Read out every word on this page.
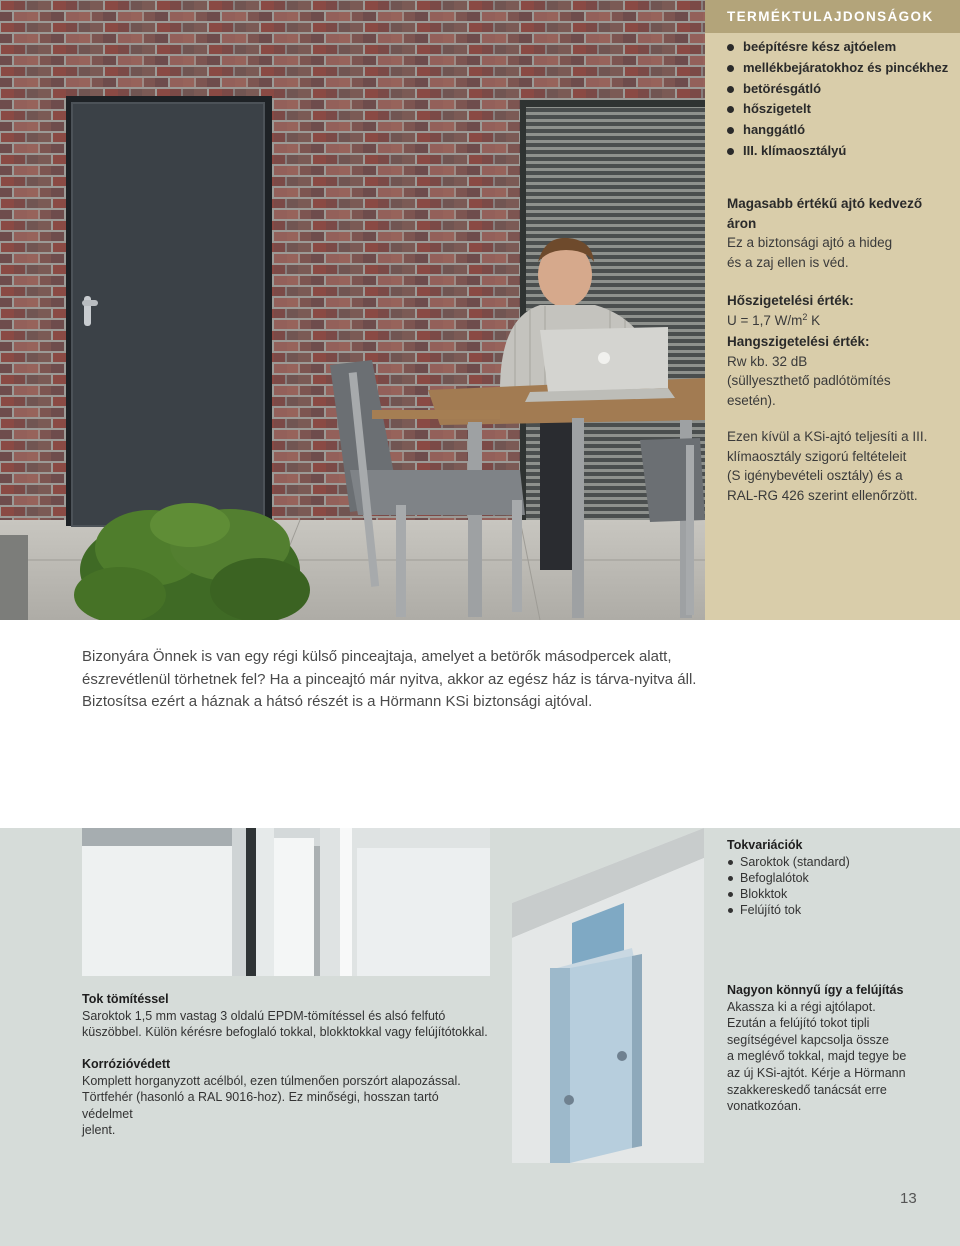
TERMÉKTULAJDONSÁGOK
beépítésre kész ajtóelem
mellékbejáratokhoz és pincékhez
betörésgátló
hőszigetelt
hanggátló
III. klímaosztályú
Magasabb értékű ajtó kedvező
áron
Ez a biztonsági ajtó a hideg
és a zaj ellen is véd.
Hőszigetelési érték:
U = 1,7 $W/m^2$ K
Hangszigetelési érték:
Rw kb. 32 dB
(süllyeszthető padlótömítés
esetén).
Ezen kívül a KSi-ajtó teljesíti a III.
klímaosztály szigorú feltételeit
(S igénybevételi osztály) és a
RAL-RG 426 szerint ellenőrzött.
Bizonyára Önnek is van egy régi külső pinceajtaja, amelyet a betörők másodpercek alatt,
észrevétlenül törhetnek fel? Ha a pinceajtó már nyitva, akkor az egész ház is tárva-nyitva áll.
Biztosítsa ezért a háznak a hátsó részét is a Hörmann KSi biztonsági ajtóval.
Tok tömítéssel
Saroktok 1,5 mm vastag 3 oldalú EPDM-tömítéssel és alsó felfutó
küszöbbel. Külön kérésre befoglaló tokkal, blokktokkal vagy felújítótokkal.
Korrózióvédett
Komplett horganyzott acélból, ezen túlmenően porszórt alapozással.
Törtfehér (hasonló a RAL 9016-hoz). Ez minőségi, hosszan tartó védelmet
jelent.
Tokvariációk
Saroktok (standard)
Befoglalótok
Blokktok
Felújító tok
Nagyon könnyű így a felújítás
Akassza ki a régi ajtólapot.
Ezután a felújító tokot tipli
segítségével kapcsolja össze
a meglévő tokkal, majd tegye be
az új KSi-ajtót. Kérje a Hörmann
szakkereskedő tanácsát erre
vonatkozóan.
13
